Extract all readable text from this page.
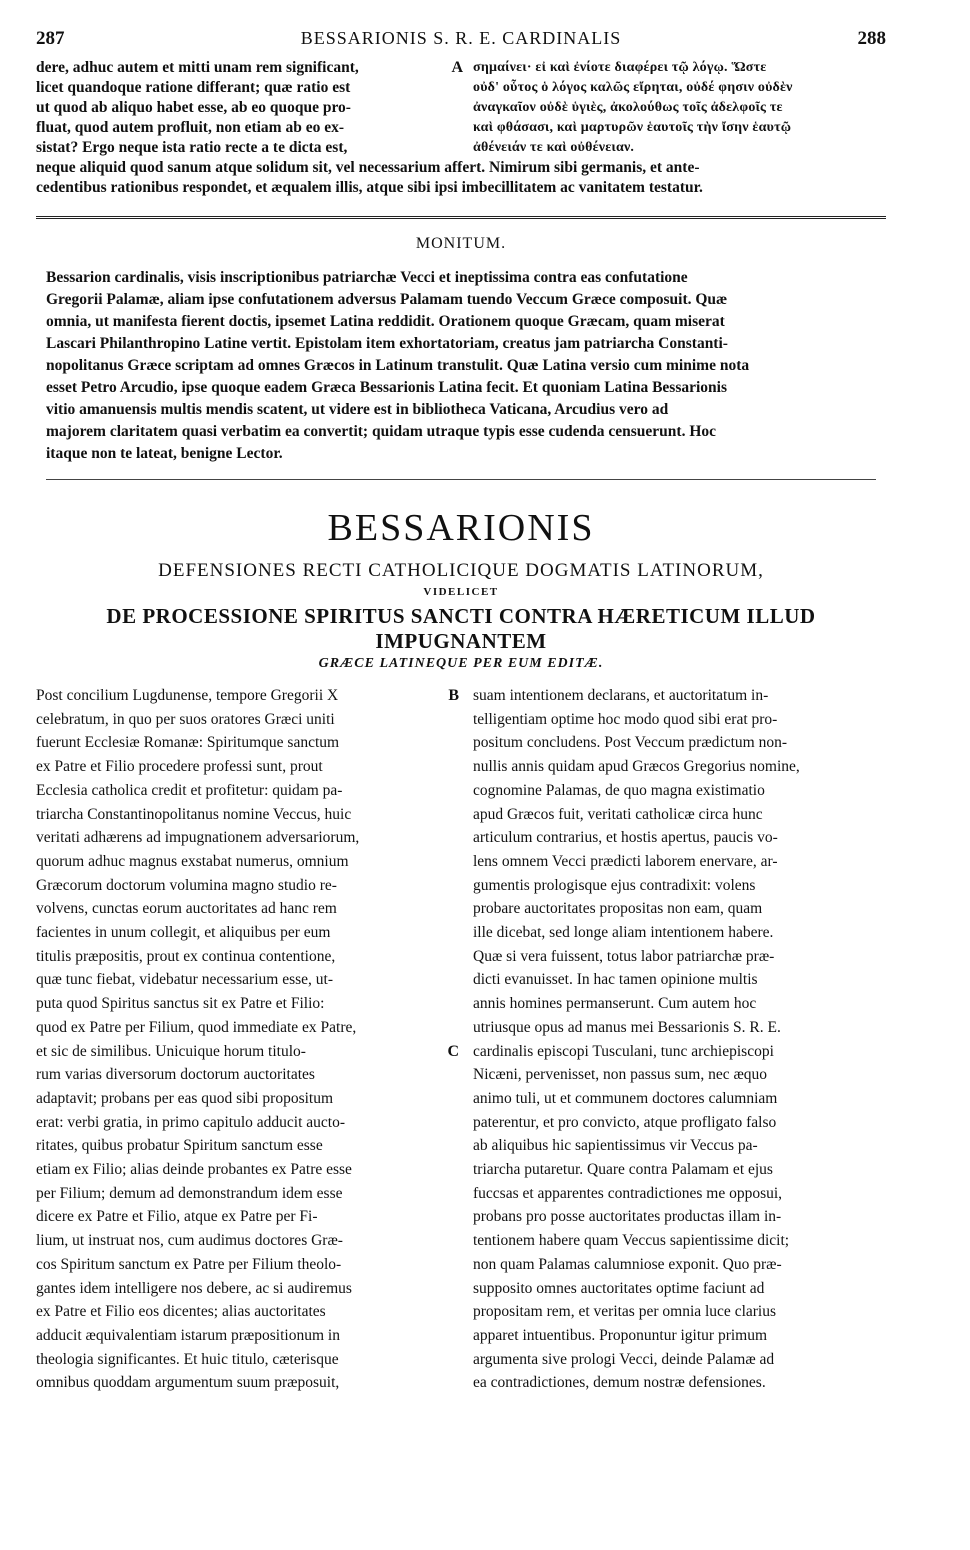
287	BESSARIONIS S. R. E. CARDINALIS	288
dere, adhuc autem et mitti unam rem significant,
licet quandoque ratione differant; quæ ratio est
ut quod ab aliquo habet esse, ab eo quoque pro-
fluat, quod autem profluit, non etiam ab eo ex-
sistat? Ergo neque ista ratio recte a te dicta est,
A σημαίνει· εἰ καὶ ἐνίοτε διαφέρει τῷ λόγῳ. Ὥστε
οὐδ' οὗτος ὁ λόγος καλῶς εἴρηται, οὐδέ φησιν οὐδὲν
ἀναγκαῖον οὐδὲ ὑγιὲς, ἀκολούθως τοῖς ἀδελφοῖς τε
καὶ φθάσασι, καὶ μαρτυρῶν ἑαυτοῖς τὴν ἴσην ἑαυτῷ
ἀθένειάν τε καὶ οὐθένειαν.
neque aliquid quod sanum atque solidum sit, vel necessarium affert. Nimirum sibi germanis, et ante-
cedentibus rationibus respondet, et æqualem illis, atque sibi ipsi imbecillitatem ac vanitatem testatur.
MONITUM.
Bessarion cardinalis, visis inscriptionibus patriarchæ Vecci et ineptissima contra eas confutatione
Gregorii Palamæ, aliam ipse confutationem adversus Palamam tuendo Veccum Græce composuit. Quæ
omnia, ut manifesta fierent doctis, ipsemet Latina reddidit. Orationem quoque Græcam, quam miserat
Lascari Philanthropino Latine vertit. Epistolam item exhortatoriam, creatus jam patriarcha Constanti-
nopolitanus Græce scriptam ad omnes Græcos in Latinum transtulit. Quæ Latina versio cum minime nota
esset Petro Arcudio, ipse quoque eadem Græca Bessarionis Latina fecit. Et quoniam Latina Bessarionis
vitio amanuensis multis mendis scatent, ut videre est in bibliotheca Vaticana, Arcudius vero ad
majorem claritatem quasi verbatim ea convertit; quidam utraque typis esse cudenda censuerunt. Hoc
itaque non te lateat, benigne Lector.
BESSARIONIS
DEFENSIONES RECTI CATHOLICIQUE DOGMATIS LATINORUM,
VIDELICET
DE PROCESSIONE SPIRITUS SANCTI CONTRA HÆRETICUM ILLUD IMPUGNANTEM
GRÆCE LATINEQUE PER EUM EDITÆ.
Post concilium Lugdunense, tempore Gregorii X
celebratum, in quo per suos oratores Græci uniti
fuerunt Ecclesiæ Romanæ: Spiritumque sanctum
ex Patre et Filio procedere professi sunt, prout
Ecclesia catholica credit et profitetur: quidam pa-
triarcha Constantinopolitanus nomine Veccus, huic
veritati adhærens ad impugnationem adversariorum,
quorum adhuc magnus exstabat numerus, omnium
Græcorum doctorum volumina magno studio re-
volvens, cunctas eorum auctoritates ad hanc rem
facientes in unum collegit, et aliquibus per eum
titulis præpositis, prout ex continua contentione,
quæ tunc fiebat, videbatur necessarium esse, ut-
puta quod Spiritus sanctus sit ex Patre et Filio:
quod ex Patre per Filium, quod immediate ex Patre,
et sic de similibus. Unicuique horum titulo-
rum varias diversorum doctorum auctoritates
adaptavit; probans per eas quod sibi propositum
erat: verbi gratia, in primo capitulo adducit aucto-
ritates, quibus probatur Spiritum sanctum esse
etiam ex Filio; alias deinde probantes ex Patre esse
per Filium; demum ad demonstrandum idem esse
dicere ex Patre et Filio, atque ex Patre per Fi-
lium, ut instruat nos, cum audimus doctores Græ-
cos Spiritum sanctum ex Patre per Filium theolo-
gantes idem intelligere nos debere, ac si audiremus
ex Patre et Filio eos dicentes; alias auctoritates
adducit æquivalentiam istarum præpositionum in
theologia significantes. Et huic titulo, cæterisque
omnibus quoddam argumentum suum præposuit,
B
C
suam intentionem declarans, et auctoritatum in-
telligentiam optime hoc modo quod sibi erat pro-
positum concludens. Post Veccum prædictum non-
nullis annis quidam apud Græcos Gregorius nomine,
cognomine Palamas, de quo magna existimatio
apud Græcos fuit, veritati catholicæ circa hunc
articulum contrarius, et hostis apertus, paucis vo-
lens omnem Vecci prædicti laborem enervare, ar-
gumentis prologisque ejus contradixit: volens
probare auctoritates propositas non eam, quam
ille dicebat, sed longe aliam intentionem habere.
Quæ si vera fuissent, totus labor patriarchæ præ-
dicti evanuisset. In hac tamen opinione multis
annis homines permanserunt. Cum autem hoc
utriusque opus ad manus mei Bessarionis S. R. E.
cardinalis episcopi Tusculani, tunc archiepiscopi
Nicæni, pervenisset, non passus sum, nec æquo
animo tuli, ut et communem doctores calumniam
paterentur, et pro convicto, atque profligato falso
ab aliquibus hic sapientissimus vir Veccus pa-
triarcha putaretur. Quare contra Palamam et ejus
fuccsas et apparentes contradictiones me opposui,
probans pro posse auctoritates productas illam in-
tentionem habere quam Veccus sapientissime dicit;
non quam Palamas calumniose exponit. Quo præ-
supposito omnes auctoritates optime faciunt ad
propositam rem, et veritas per omnia luce clarius
apparet intuentibus. Proponuntur igitur primum
argumenta sive prologi Vecci, deinde Palamæ ad
ea contradictiones, demum nostræ defensiones.
